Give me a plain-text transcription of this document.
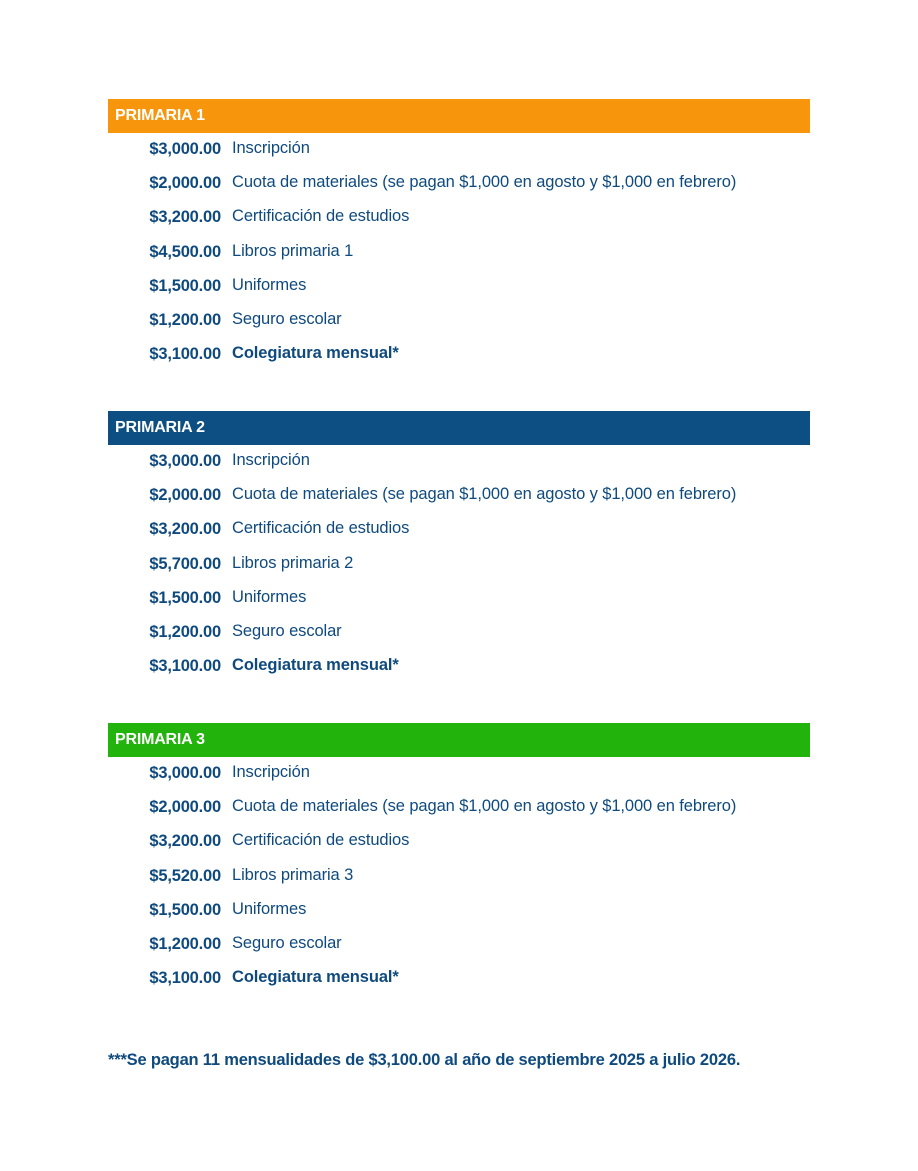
PRIMARIA 1
$3,000.00 Inscripción
$2,000.00 Cuota de materiales (se pagan $1,000 en agosto y $1,000 en febrero)
$3,200.00 Certificación de estudios
$4,500.00 Libros primaria 1
$1,500.00 Uniformes
$1,200.00 Seguro escolar
$3,100.00 Colegiatura mensual*
PRIMARIA 2
$3,000.00 Inscripción
$2,000.00 Cuota de materiales (se pagan $1,000 en agosto y $1,000 en febrero)
$3,200.00 Certificación de estudios
$5,700.00 Libros primaria 2
$1,500.00 Uniformes
$1,200.00 Seguro escolar
$3,100.00 Colegiatura mensual*
PRIMARIA 3
$3,000.00 Inscripción
$2,000.00 Cuota de materiales (se pagan $1,000 en agosto y $1,000 en febrero)
$3,200.00 Certificación de estudios
$5,520.00 Libros primaria 3
$1,500.00 Uniformes
$1,200.00 Seguro escolar
$3,100.00 Colegiatura mensual*
***Se pagan 11 mensualidades de $3,100.00 al año de septiembre 2025 a julio 2026.
